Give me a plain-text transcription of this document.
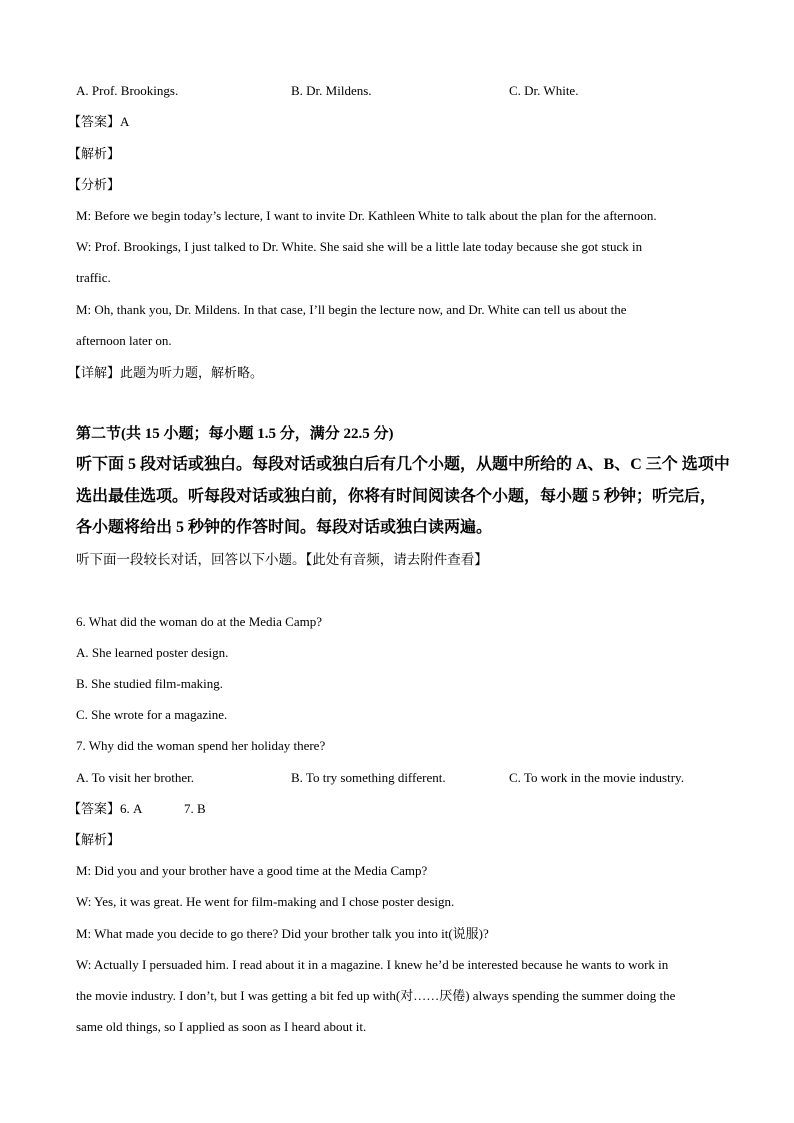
A. Prof. Brookings.	B. Dr. Mildens.	C. Dr. White.
【答案】A
【解析】
【分析】
M: Before we begin today’s lecture, I want to invite Dr. Kathleen White to talk about the plan for the afternoon.
W: Prof. Brookings, I just talked to Dr. White. She said she will be a little late today because she got stuck in
traffic.
M: Oh, thank you, Dr. Mildens. In that case, I’ll begin the lecture now, and Dr. White can tell us about the
afternoon later on.
【详解】此题为听力题，解析略。
第二节(共 15 小题；每小题 1.5 分，满分 22.5 分)
听下面 5 段对话或独白。每段对话或独白后有几个小题，从题中所给的 A、B、C 三个 选项中
选出最佳选项。听每段对话或独白前，你将有时间阅读各个小题，每小题 5 秒钟；听完后，
各小题将给出 5 秒钟的作答时间。每段对话或独白读两遍。
听下面一段较长对话，回答以下小题。【此处有音频，请去附件查看】
6. What did the woman do at the Media Camp?
A. She learned poster design.
B. She studied film-making.
C. She wrote for a magazine.
7. Why did the woman spend her holiday there?
A. To visit her brother.	B. To try something different.	C. To work in the movie industry.
【答案】6. A	7. B
【解析】
M: Did you and your brother have a good time at the Media Camp?
W: Yes, it was great. He went for film-making and I chose poster design.
M: What made you decide to go there? Did your brother talk you into it(说服)?
W: Actually I persuaded him. I read about it in a magazine. I knew he’d be interested because he wants to work in
the movie industry. I don’t, but I was getting a bit fed up with(对……厌倦) always spending the summer doing the
same old things, so I applied as soon as I heard about it.
